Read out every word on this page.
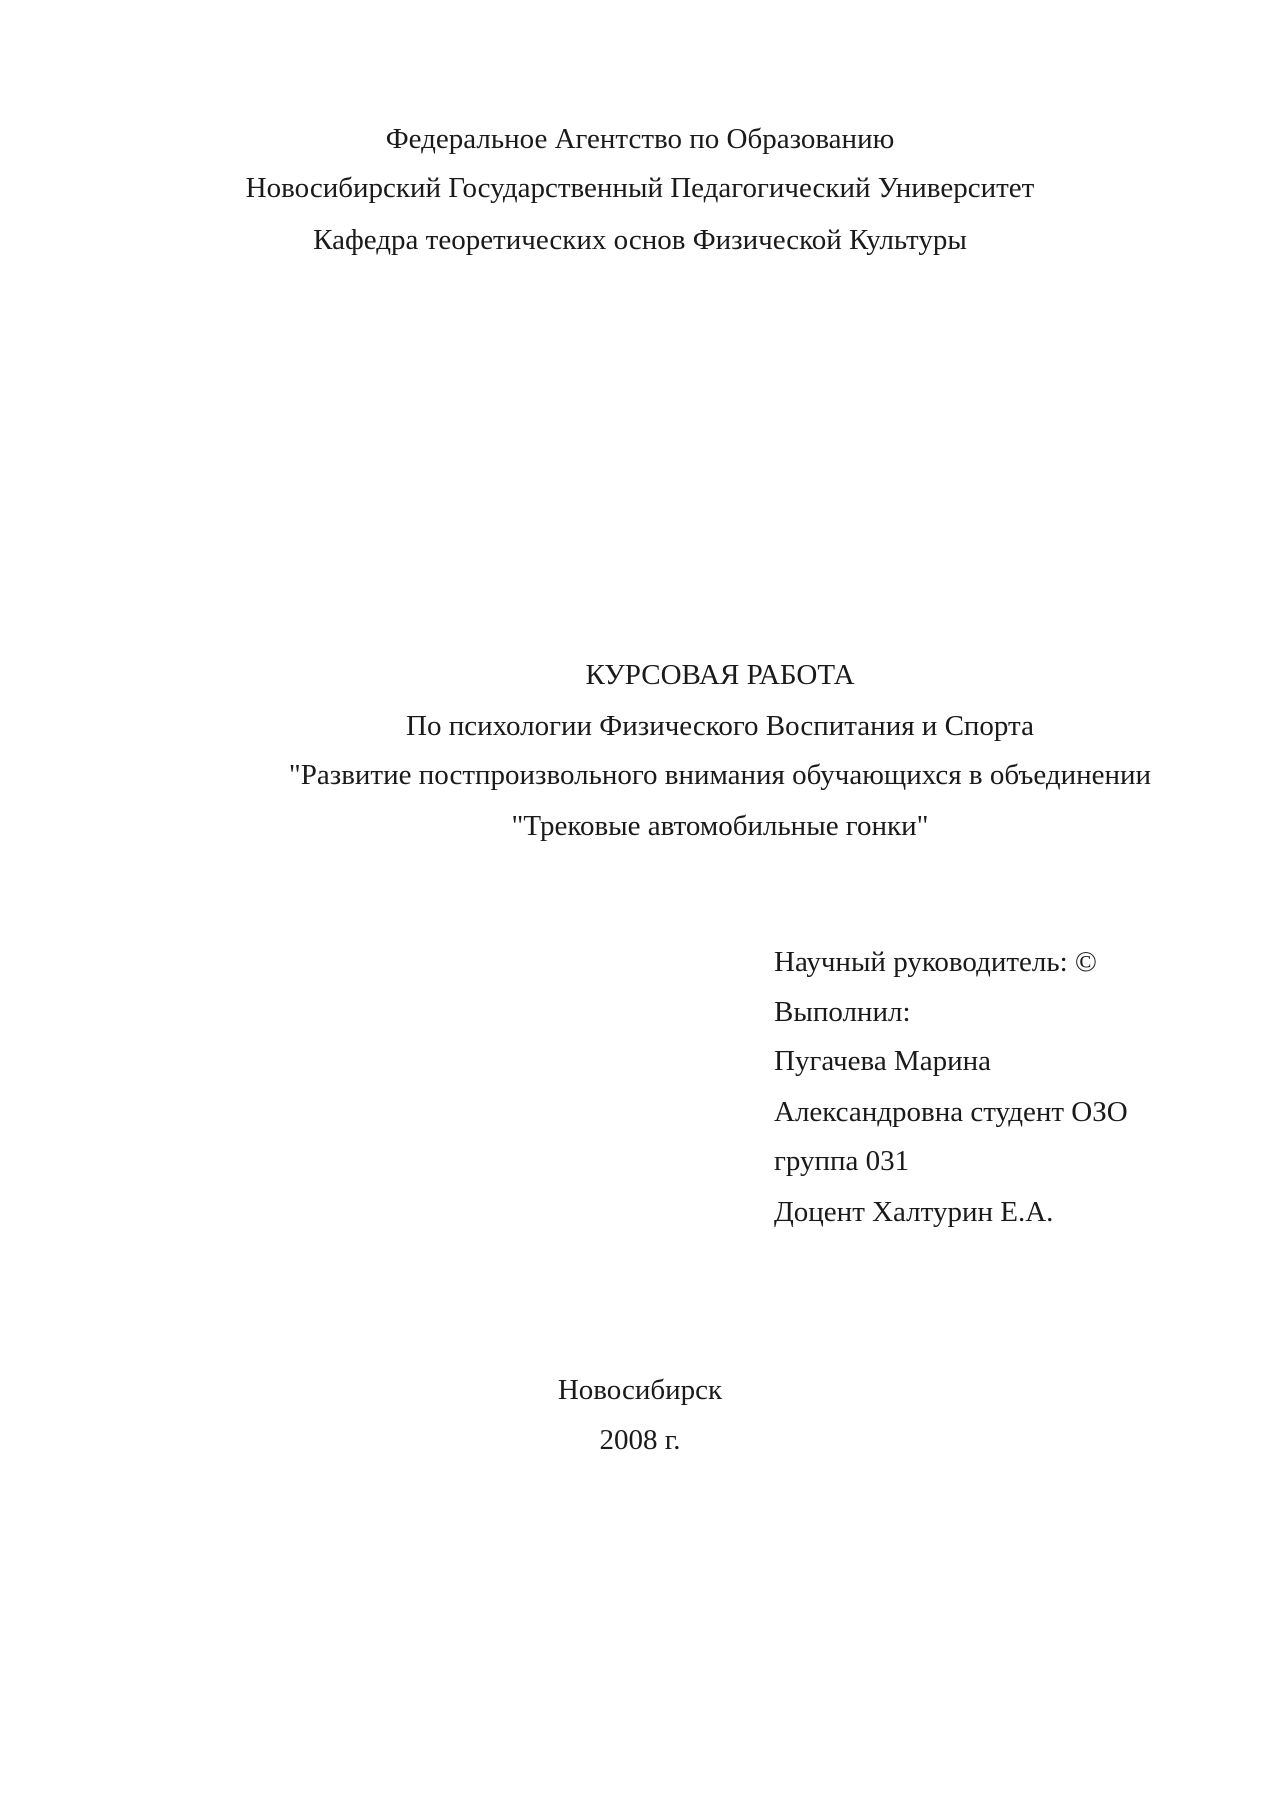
Федеральное Агентство по Образованию
Новосибирский Государственный Педагогический Университет
Кафедра теоретических основ Физической Культуры
КУРСОВАЯ РАБОТА
По психологии Физического Воспитания и Спорта
"Развитие постпроизвольного внимания обучающихся в объединении
"Трековые автомобильные гонки"
Научный руководитель: ©
Выполнил:
Пугачева Марина
Александровна студент ОЗО
группа 031
Доцент Халтурин Е.А.
Новосибирск
2008 г.
